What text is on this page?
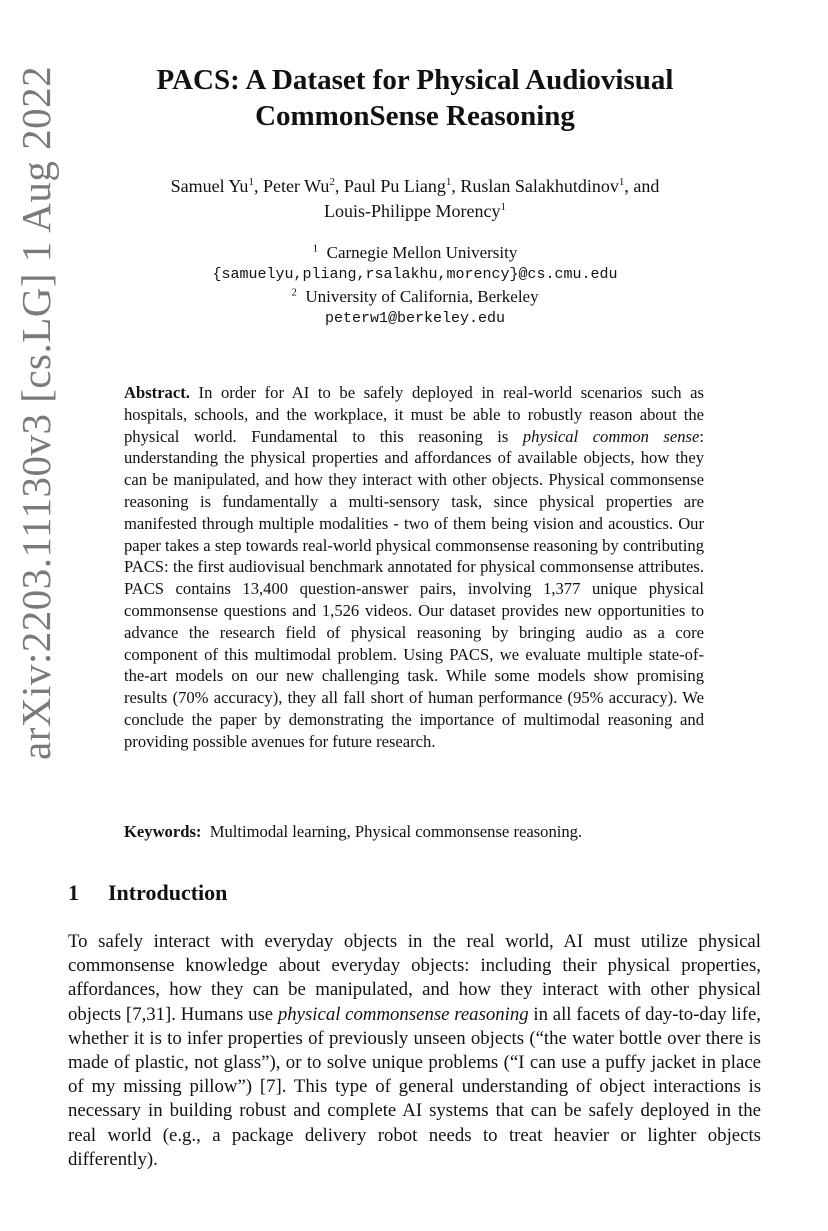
arXiv:2203.11130v3 [cs.LG] 1 Aug 2022	PACS: A Dataset for Physical Audiovisual
CommonSense Reasoning
Samuel Yu$^1$, Peter Wu$^2$, Paul Pu Liang$^1$, Ruslan Salakhutdinov$^1$, and
Louis-Philippe Morency$^1$
$^1$ Carnegie Mellon University
{samuelyu,pliang,rsalakhu,morency}@cs.cmu.edu
$^2$ University of California, Berkeley
peterw1@berkeley.edu
Abstract. In order for AI to be safely deployed in real-world scenarios such as hospitals, schools, and the workplace, it must be able to robustly reason about the physical world. Fundamental to this reasoning is physical common sense: understanding the physical properties and affordances of available objects, how they can be manipulated, and how they interact with other objects. Physical commonsense reasoning is fundamentally a multi-sensory task, since physical properties are manifested through multiple modalities - two of them being vision and acoustics. Our paper takes a step towards real-world physical commonsense reasoning by contributing PACS: the first audiovisual benchmark annotated for physical commonsense attributes. PACS contains 13,400 question-answer pairs, involving 1,377 unique physical commonsense questions and 1,526 videos. Our dataset provides new opportunities to advance the research field of physical reasoning by bringing audio as a core component of this multimodal problem. Using PACS, we evaluate multiple state-of-the-art models on our new challenging task. While some models show promising results (70% accuracy), they all fall short of human performance (95% accuracy). We conclude the paper by demonstrating the importance of multimodal reasoning and providing possible avenues for future research.
Keywords: Multimodal learning, Physical commonsense reasoning.
1 Introduction
To safely interact with everyday objects in the real world, AI must utilize physical commonsense knowledge about everyday objects: including their physical properties, affordances, how they can be manipulated, and how they interact with other physical objects [7,31]. Humans use physical commonsense reasoning in all facets of day-to-day life, whether it is to infer properties of previously unseen objects (“the water bottle over there is made of plastic, not glass”), or to solve unique problems (“I can use a puffy jacket in place of my missing pillow”) [7]. This type of general understanding of object interactions is necessary in building robust and complete AI systems that can be safely deployed in the real world (e.g., a package delivery robot needs to treat heavier or lighter objects differently).
